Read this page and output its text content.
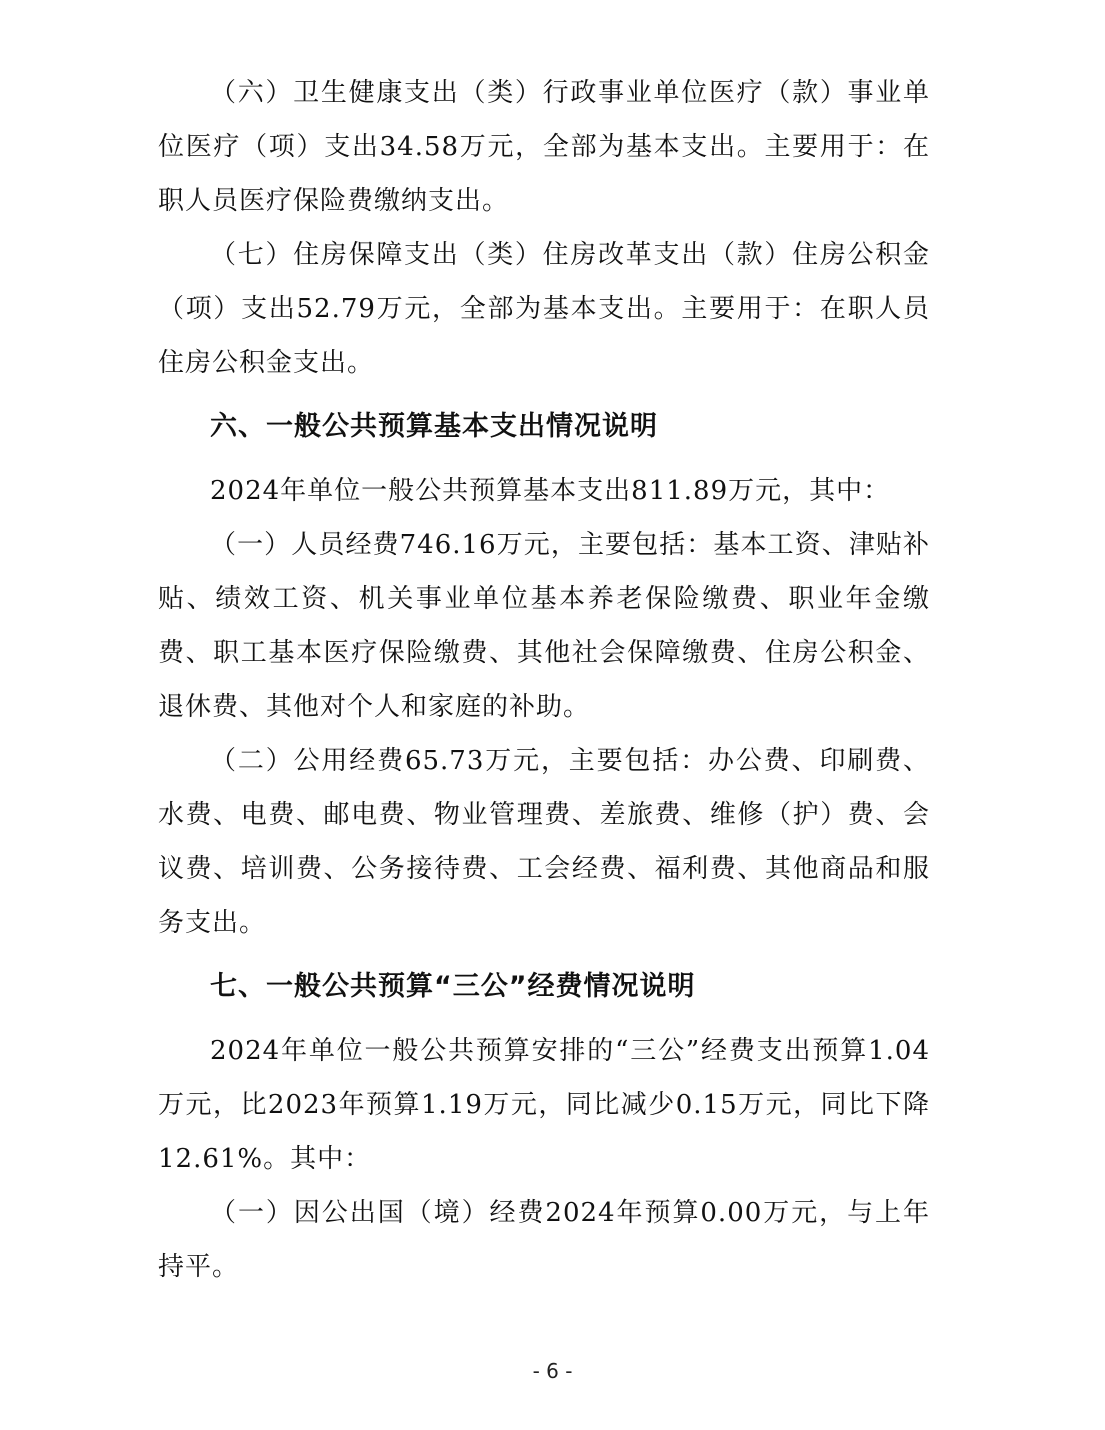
（六）卫生健康支出（类）行政事业单位医疗（款）事业单位医疗（项）支出34.58万元，全部为基本支出。主要用于：在职人员医疗保险费缴纳支出。

（七）住房保障支出（类）住房改革支出（款）住房公积金（项）支出52.79万元，全部为基本支出。主要用于：在职人员住房公积金支出。

六、一般公共预算基本支出情况说明

2024年单位一般公共预算基本支出811.89万元，其中：

（一）人员经费746.16万元，主要包括：基本工资、津贴补贴、绩效工资、机关事业单位基本养老保险缴费、职业年金缴费、职工基本医疗保险缴费、其他社会保障缴费、住房公积金、退休费、其他对个人和家庭的补助。

（二）公用经费65.73万元，主要包括：办公费、印刷费、水费、电费、邮电费、物业管理费、差旅费、维修（护）费、会议费、培训费、公务接待费、工会经费、福利费、其他商品和服务支出。

七、一般公共预算“三公”经费情况说明

2024年单位一般公共预算安排的“三公”经费支出预算1.04万元，比2023年预算1.19万元，同比减少0.15万元，同比下降12.61%。其中：

（一）因公出国（境）经费2024年预算0.00万元，与上年持平。

- 6 -
